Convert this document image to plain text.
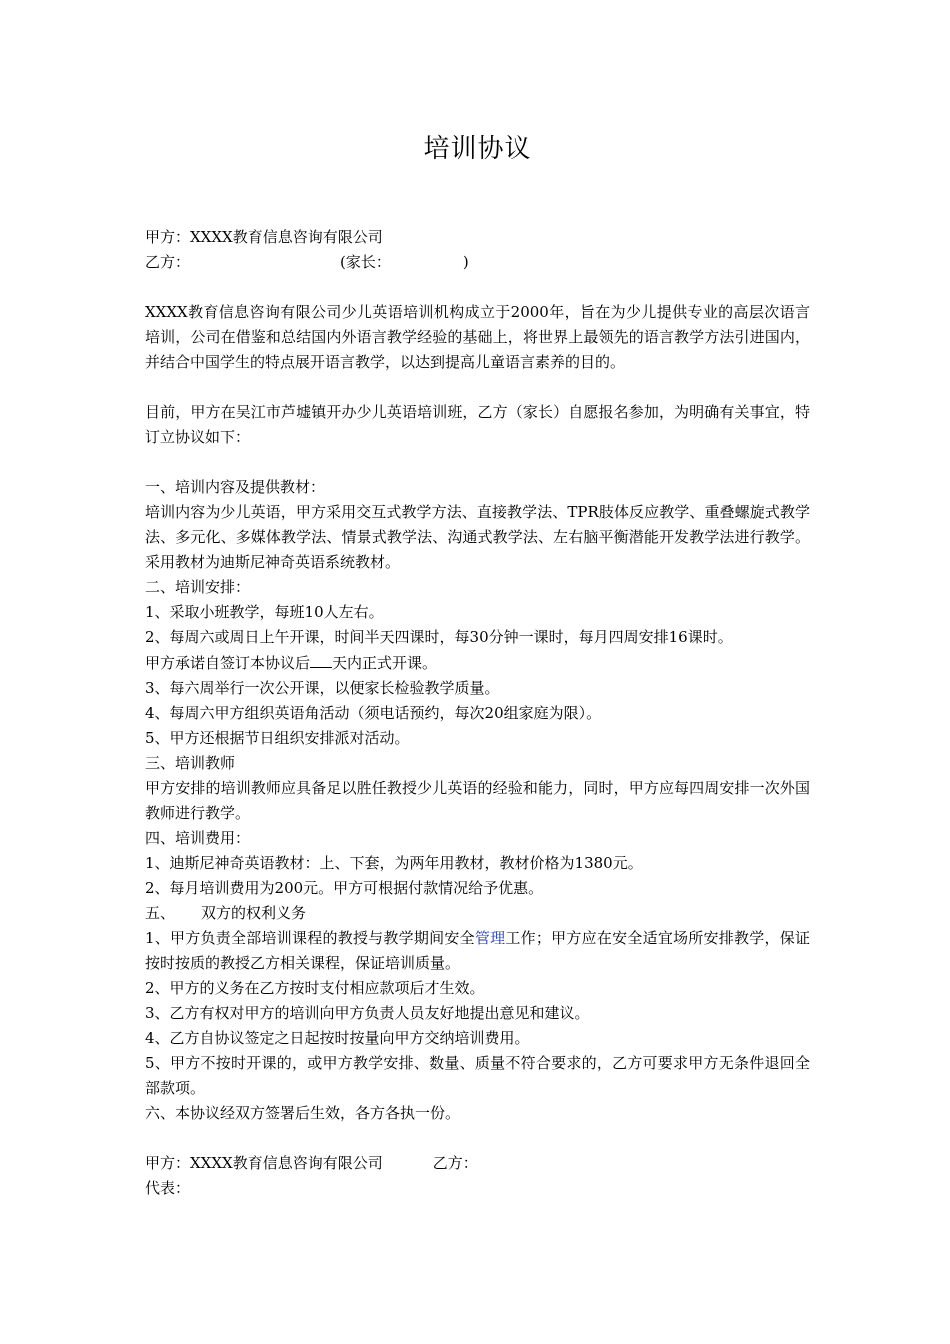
培训协议
甲方：XXXX教育信息咨询有限公司
乙方：	(家长：	)
XXXX教育信息咨询有限公司少儿英语培训机构成立于2000年，旨在为少儿提供专业的高层次语言培训，公司在借鉴和总结国内外语言教学经验的基础上，将世界上最领先的语言教学方法引进国内，并结合中国学生的特点展开语言教学，以达到提高儿童语言素养的目的。
目前，甲方在吴江市芦墟镇开办少儿英语培训班，乙方（家长）自愿报名参加，为明确有关事宜，特订立协议如下：
一、培训内容及提供教材：
培训内容为少儿英语，甲方采用交互式教学方法、直接教学法、TPR肢体反应教学、重叠螺旋式教学法、多元化、多媒体教学法、情景式教学法、沟通式教学法、左右脑平衡潜能开发教学法进行教学。采用教材为迪斯尼神奇英语系统教材。
二、培训安排：
1、采取小班教学，每班10人左右。
2、每周六或周日上午开课，时间半天四课时，每30分钟一课时，每月四周安排16课时。
甲方承诺自签订本协议后 天内正式开课。
3、每六周举行一次公开课，以便家长检验教学质量。
4、每周六甲方组织英语角活动（须电话预约，每次20组家庭为限）。
5、甲方还根据节日组织安排派对活动。
三、培训教师
甲方安排的培训教师应具备足以胜任教授少儿英语的经验和能力，同时，甲方应每四周安排一次外国教师进行教学。
四、培训费用：
1、迪斯尼神奇英语教材：上、下套，为两年用教材，教材价格为1380元。
2、每月培训费用为200元。甲方可根据付款情况给予优惠。
五、 双方的权利义务
1、甲方负责全部培训课程的教授与教学期间安全管理工作；甲方应在安全适宜场所安排教学，保证按时按质的教授乙方相关课程，保证培训质量。
2、甲方的义务在乙方按时支付相应款项后才生效。
3、乙方有权对甲方的培训向甲方负责人员友好地提出意见和建议。
4、乙方自协议签定之日起按时按量向甲方交纳培训费用。
5、甲方不按时开课的，或甲方教学安排、数量、质量不符合要求的，乙方可要求甲方无条件退回全部款项。
六、本协议经双方签署后生效，各方各执一份。
甲方：XXXX教育信息咨询有限公司	乙方：
代表：
